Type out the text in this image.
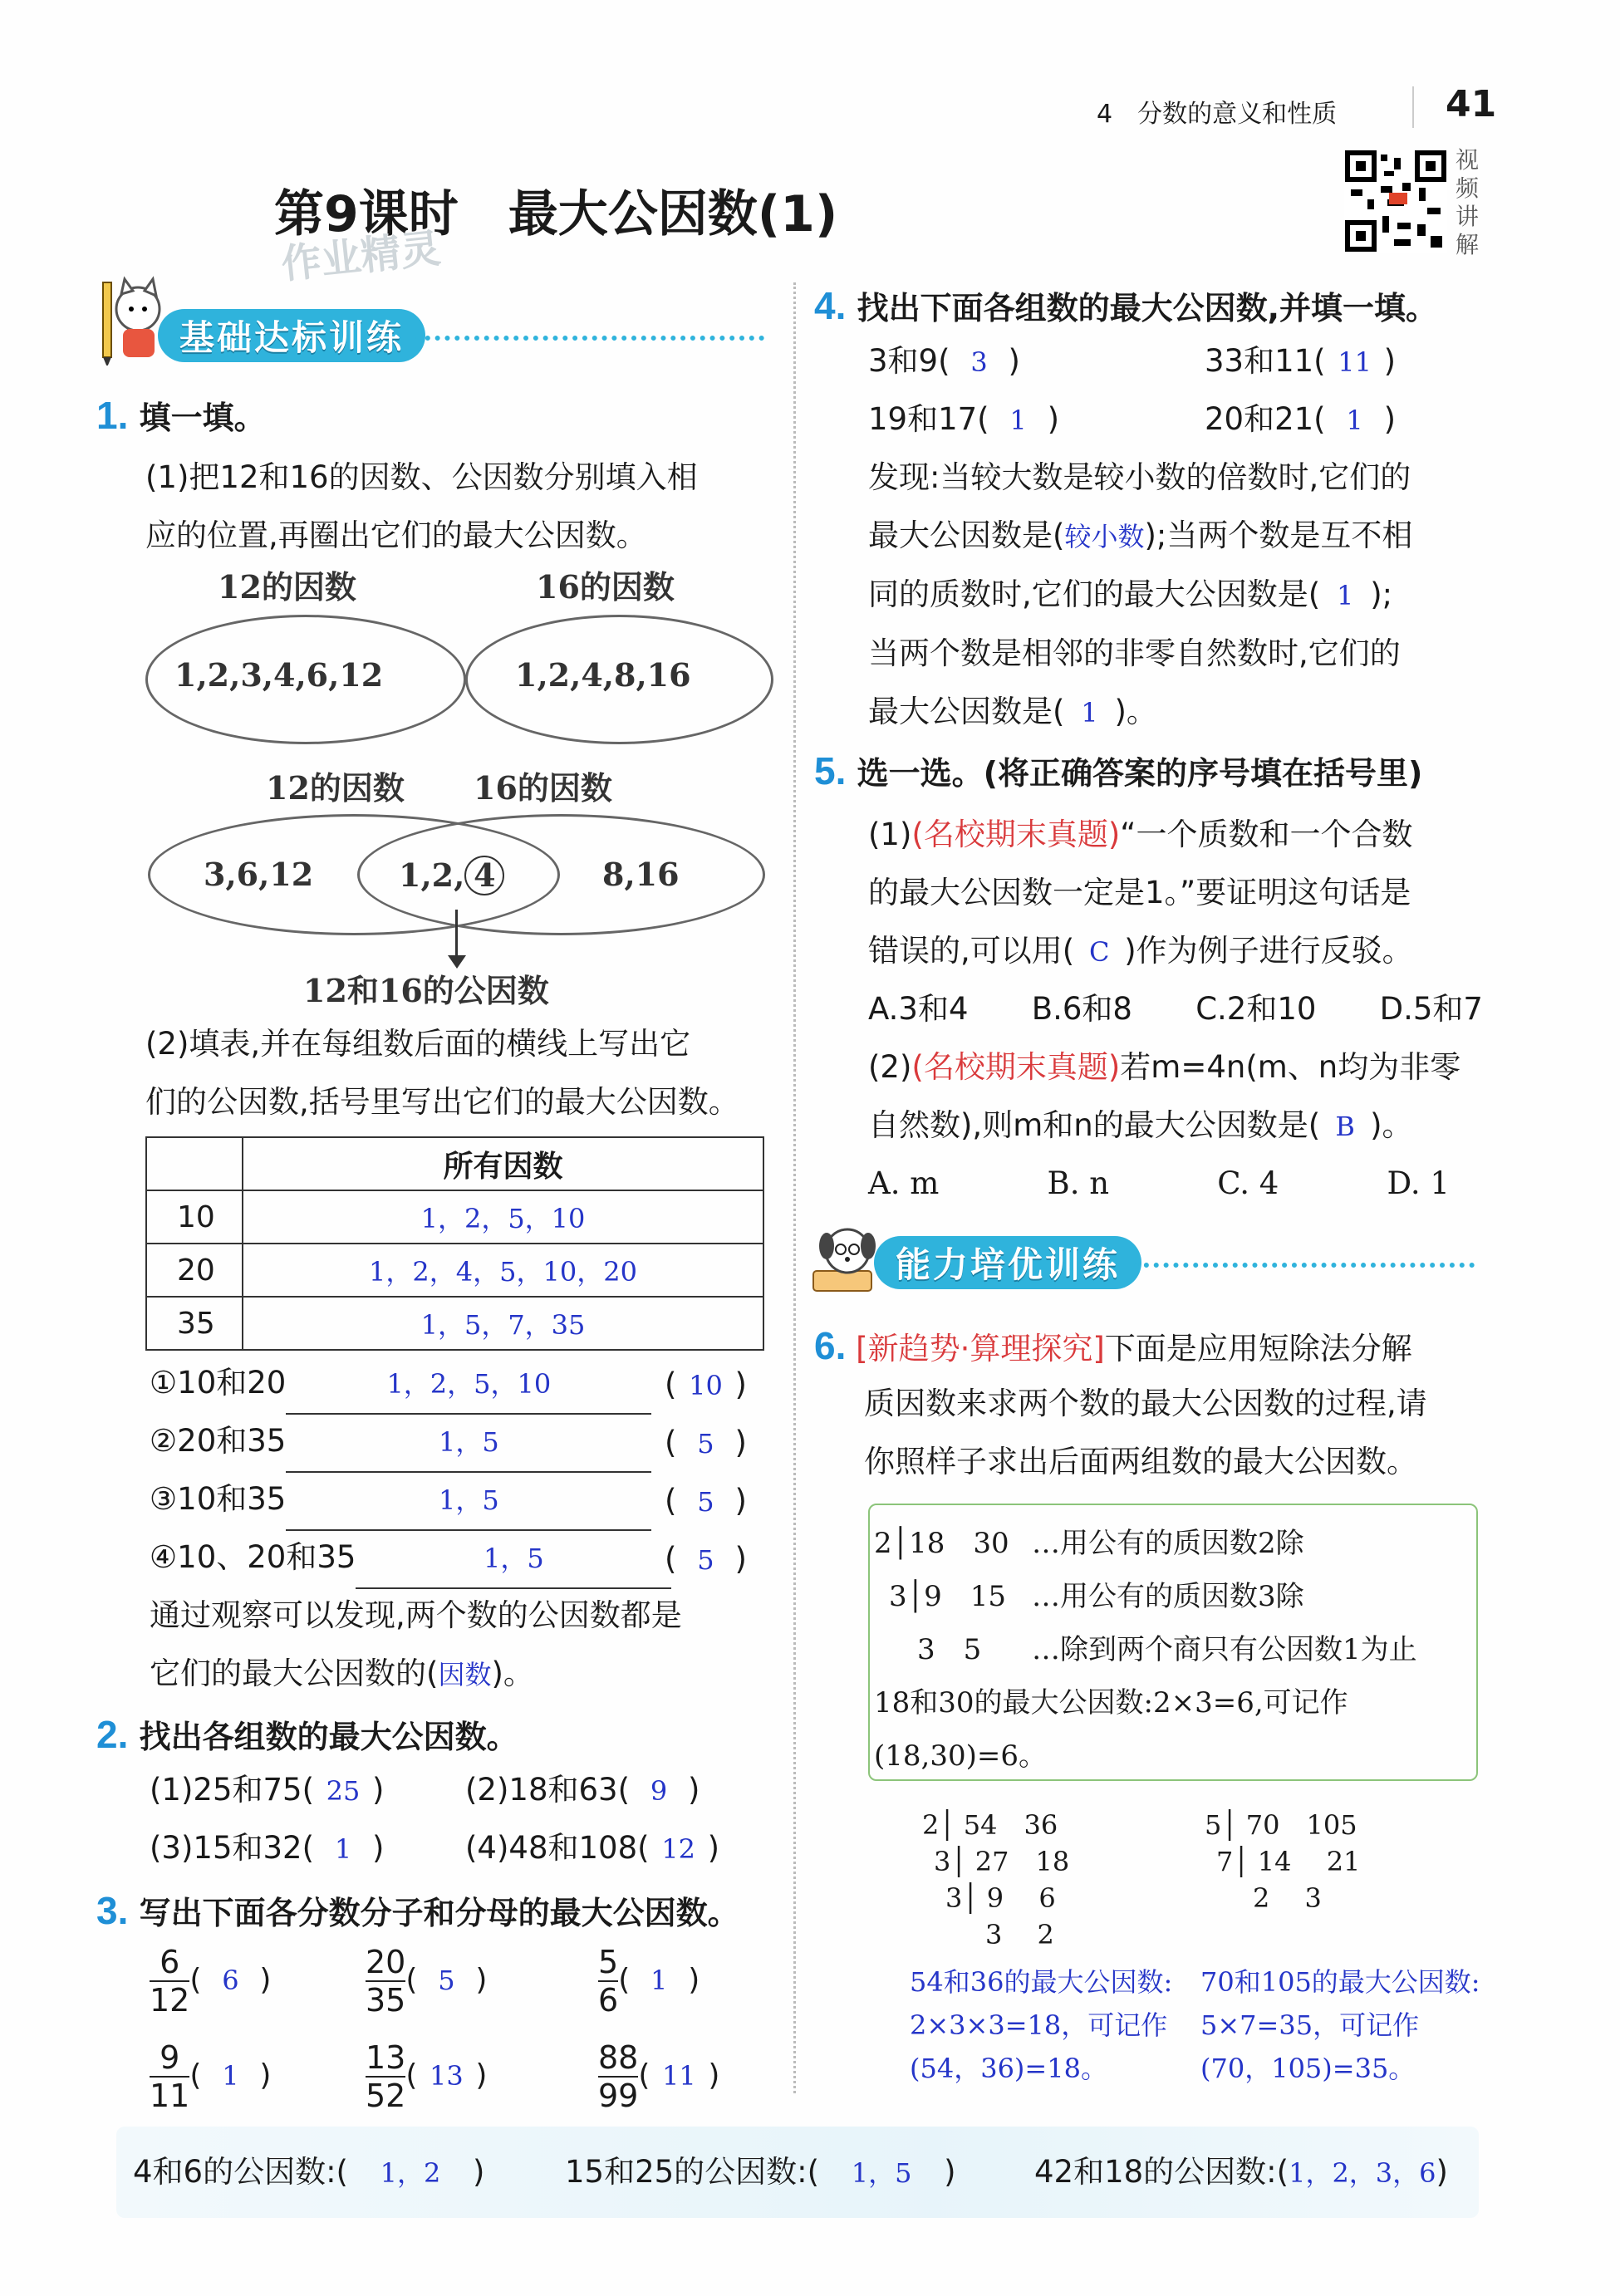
4　分数的意义和性质	41
视频讲解
第9课时　最大公因数(1)
作业精灵
基础达标训练
1. 填一填。
(1)把12和16的因数、公因数分别填入相
应的位置,再圈出它们的最大公因数。
12的因数	16的因数
1,2,3,4,6,12	1,2,4,8,16
12的因数 16的因数
3,6,12	1,2, 4	8,16
12和16的公因数
(2)填表,并在每组数后面的横线上写出它
们的公因数,括号里写出它们的最大公因数。
	所有因数
10	1，2，5，10
20	1，2，4，5，10，20
35	1，5，7，35
①10和20	1，2，5，10	( 10 )
②20和35	1，5	( 5 )
③10和35	1，5	( 5 )
④10、20和35	1，5	( 5 )
通过观察可以发现,两个数的公因数都是
它们的最大公因数的(因数)。
2. 找出各组数的最大公因数。
(1)25和75( 25 )	(2)18和63( 9 )
(3)15和32( 1 )	(4)48和108( 12 )
3. 写出下面各分数分子和分母的最大公因数。
$\frac{6}{12}$ ( 6 )	$\frac{20}{35}$ ( 5 )	$\frac{5}{6}$ ( 1 )
$\frac{9}{11}$ ( 1 )	$\frac{13}{52}$ ( 13 )	$\frac{88}{99}$ ( 11 )
4. 找出下面各组数的最大公因数,并填一填。
3和9( 3 )	33和11( 11 )
19和17( 1 )	20和21( 1 )
发现:当较大数是较小数的倍数时,它们的
最大公因数是(较小数);当两个数是互不相
同的质数时,它们的最大公因数是( 1 );
当两个数是相邻的非零自然数时,它们的
最大公因数是( 1 )。
5. 选一选。(将正确答案的序号填在括号里)
(1)(名校期末真题)“一个质数和一个合数
的最大公因数一定是1。”要证明这句话是
错误的,可以用( C )作为例子进行反驳。
A.3和4 B.6和8 C.2和10 D.5和7
(2)(名校期末真题)若m=4n(m、n均为非零
自然数),则m和n的最大公因数是( B )。
A. m	B. n	C. 4	D. 1
能力培优训练
6. [新趋势·算理探究]下面是应用短除法分解
质因数来求两个数的最大公因数的过程,请
你照样子求出后面两组数的最大公因数。
2│18　30 …用公有的质因数2除
3│9　15 …用公有的质因数3除
3　5 …除到两个商只有公因数1为止
18和30的最大公因数:2×3=6,可记作
(18,30)=6。
2│ 54　36
3│ 27　18
3│ 9　 6
3　 2
5│ 70　105
7│ 14　 21
2　 3
54和36的最大公因数:
2×3×3=18，可记作
(54，36)=18。
70和105的最大公因数:
5×7=35，可记作
(70，105)=35。
4和6的公因数:( 1，2 )	15和25的公因数:( 1，5 )	42和18的公因数:(1，2，3，6)
